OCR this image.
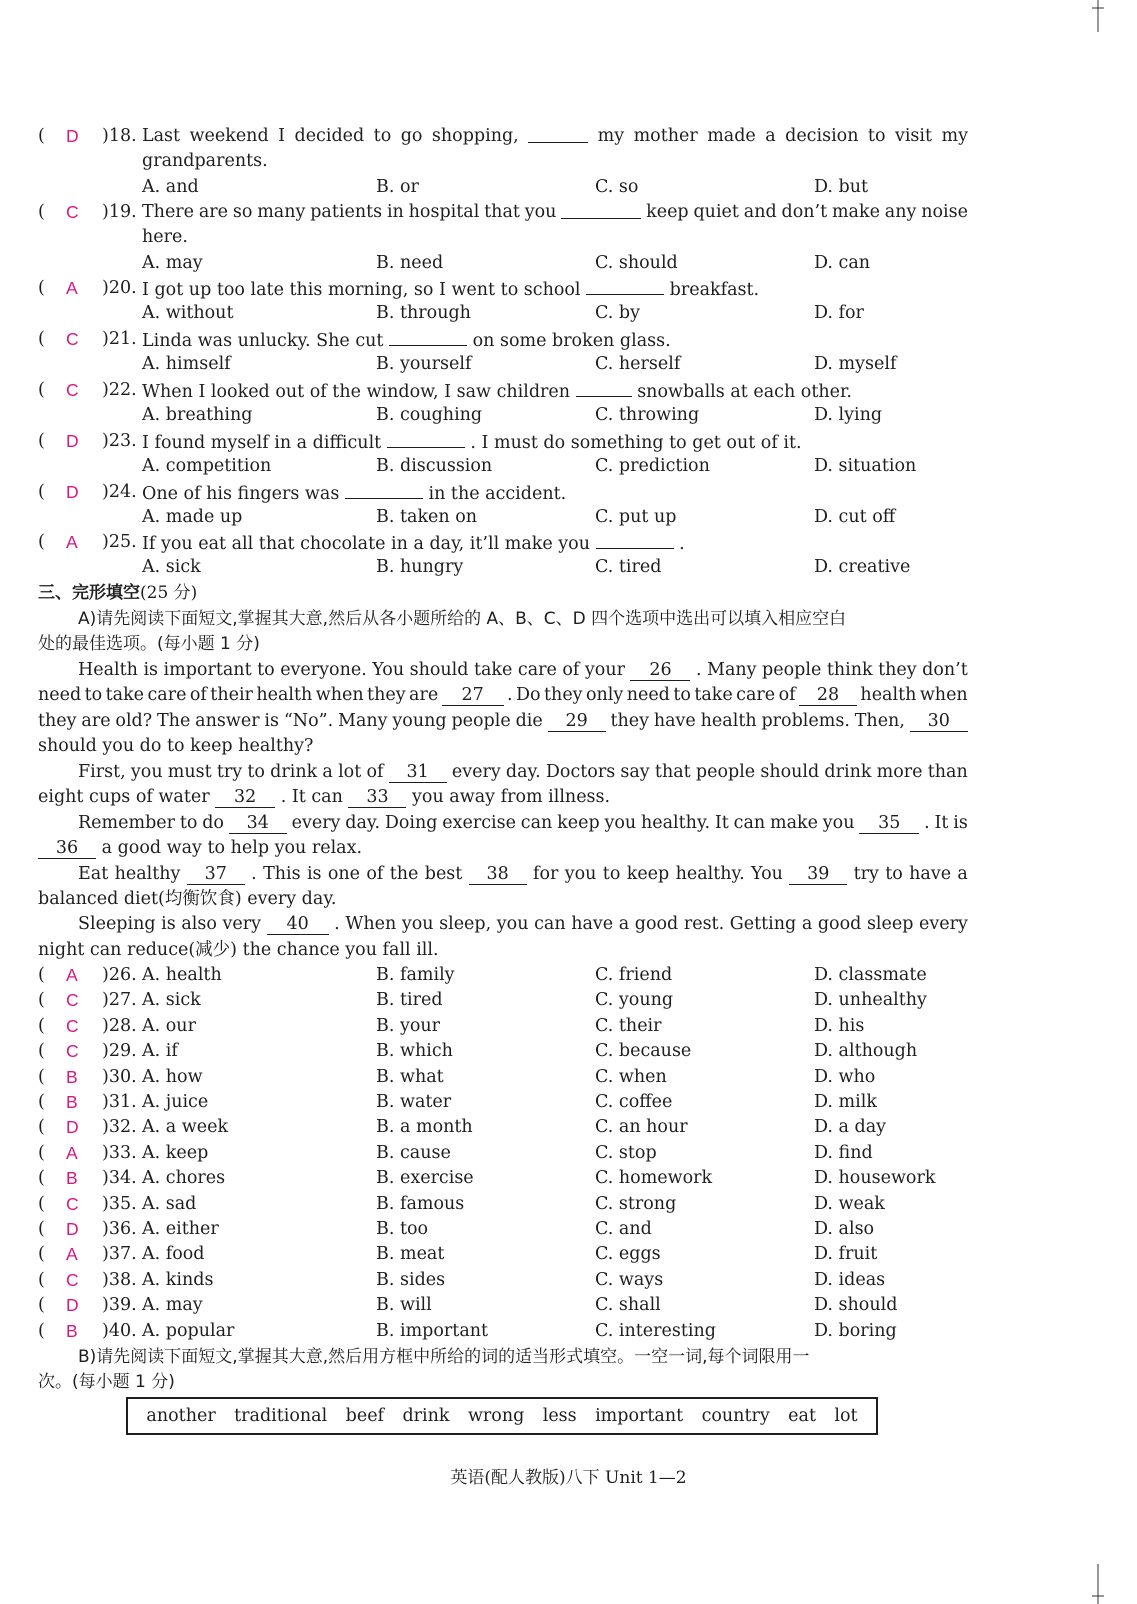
( D )18. Last weekend I decided to go shopping,	my mother made a decision to visit my
grandparents.
A. and	B. or	C. so	D. but
( C )19. There are so many patients in hospital that you	keep quiet and don’t make any noise
here.
A. may	B. need	C. should	D. can
( A )20. I got up too late this morning, so I went to school	breakfast.
A. without	B. through	C. by	D. for
( C )21. Linda was unlucky. She cut	on some broken glass.
A. himself	B. yourself	C. herself	D. myself
( C )22. When I looked out of the window, I saw children	snowballs at each other.
A. breathing	B. coughing	C. throwing	D. lying
( D )23. I found myself in a difficult	. I must do something to get out of it.
A. competition	B. discussion	C. prediction	D. situation
( D )24. One of his fingers was	in the accident.
A. made up	B. taken on	C. put up	D. cut off
( A )25. If you eat all that chocolate in a day, it’ll make you	.
A. sick	B. hungry	C. tired	D. creative
三、完形填空(25 分)
A)请先阅读下面短文,掌握其大意,然后从各小题所给的 A、B、C、D 四个选项中选出可以填入相应空白
处的最佳选项。(每小题 1 分)
Health is important to everyone. You should take care of your	26	. Many people think they don’t
need to take care of their health when they are	27	. Do they only need to take care of	28	health when
they are old? The answer is “No”. Many young people die	29	they have health problems. Then,	30
should you do to keep healthy?
First, you must try to drink a lot of	31	every day. Doctors say that people should drink more than
eight cups of water 32 . It can 33 you away from illness.
Remember to do	34	every day. Doing exercise can keep you healthy. It can make you	35	. It is
36 a good way to help you relax.
Eat healthy	37	. This is one of the best	38	for you to keep healthy. You	39	try to have a
balanced diet(均衡饮食) every day.
Sleeping is also very	40	. When you sleep, you can have a good rest. Getting a good sleep every
night can reduce(减少) the chance you fall ill.
( A )26. A. health	B. family	C. friend	D. classmate
( C )27. A. sick	B. tired	C. young	D. unhealthy
( C )28. A. our	B. your	C. their	D. his
( C )29. A. if	B. which	C. because	D. although
( B )30. A. how	B. what	C. when	D. who
( B )31. A. juice	B. water	C. coffee	D. milk
( D )32. A. a week	B. a month	C. an hour	D. a day
( A )33. A. keep	B. cause	C. stop	D. find
( B )34. A. chores	B. exercise	C. homework	D. housework
( C )35. A. sad	B. famous	C. strong	D. weak
( D )36. A. either	B. too	C. and	D. also
( A )37. A. food	B. meat	C. eggs	D. fruit
( C )38. A. kinds	B. sides	C. ways	D. ideas
( D )39. A. may	B. will	C. shall	D. should
( B )40. A. popular	B. important	C. interesting	D. boring
B)请先阅读下面短文,掌握其大意,然后用方框中所给的词的适当形式填空。一空一词,每个词限用一
次。(每小题 1 分)
another traditional beef drink wrong less important country eat lot
英语(配人教版)八下 Unit 1—2
